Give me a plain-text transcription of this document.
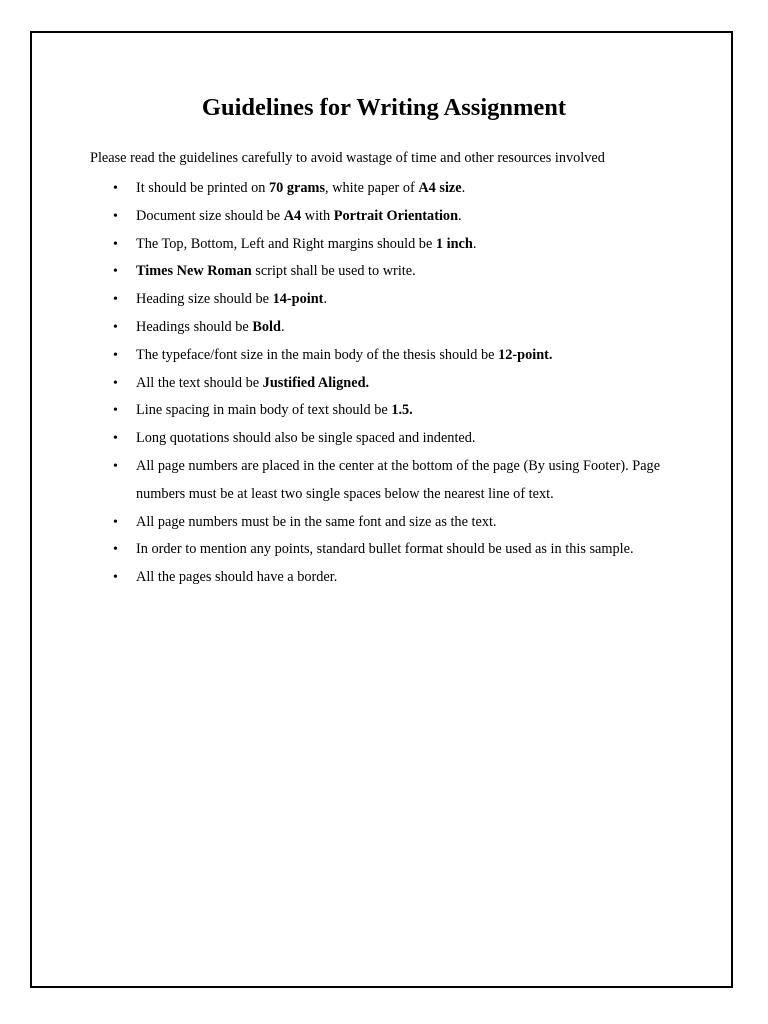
Guidelines for Writing Assignment

Please read the guidelines carefully to avoid wastage of time and other resources involved

• It should be printed on 70 grams, white paper of A4 size.
• Document size should be A4 with Portrait Orientation.
• The Top, Bottom, Left and Right margins should be 1 inch.
• Times New Roman script shall be used to write.
• Heading size should be 14-point.
• Headings should be Bold.
• The typeface/font size in the main body of the thesis should be 12-point.
• All the text should be Justified Aligned.
• Line spacing in main body of text should be 1.5.
• Long quotations should also be single spaced and indented.
• All page numbers are placed in the center at the bottom of the page (By using Footer). Page numbers must be at least two single spaces below the nearest line of text.
• All page numbers must be in the same font and size as the text.
• In order to mention any points, standard bullet format should be used as in this sample.
• All the pages should have a border.
